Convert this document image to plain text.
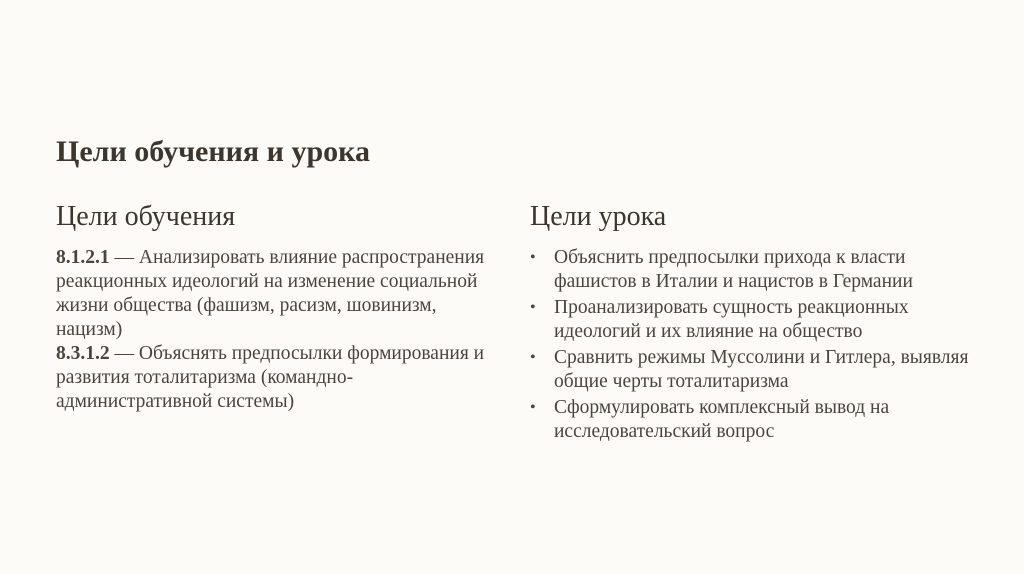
Цели обучения и урока
Цели обучения

8.1.2.1 — Анализировать влияние распространения реакционных идеологий на изменение социальной жизни общества (фашизм, расизм, шовинизм, нацизм)

8.3.1.2 — Объяснять предпосылки формирования и развития тоталитаризма (командно-административной системы)

Цели урока
• Объяснить предпосылки прихода к власти фашистов в Италии и нацистов в Германии
• Проанализировать сущность реакционных идеологий и их влияние на общество
• Сравнить режимы Муссолини и Гитлера, выявляя общие черты тоталитаризма
• Сформулировать комплексный вывод на исследовательский вопрос
